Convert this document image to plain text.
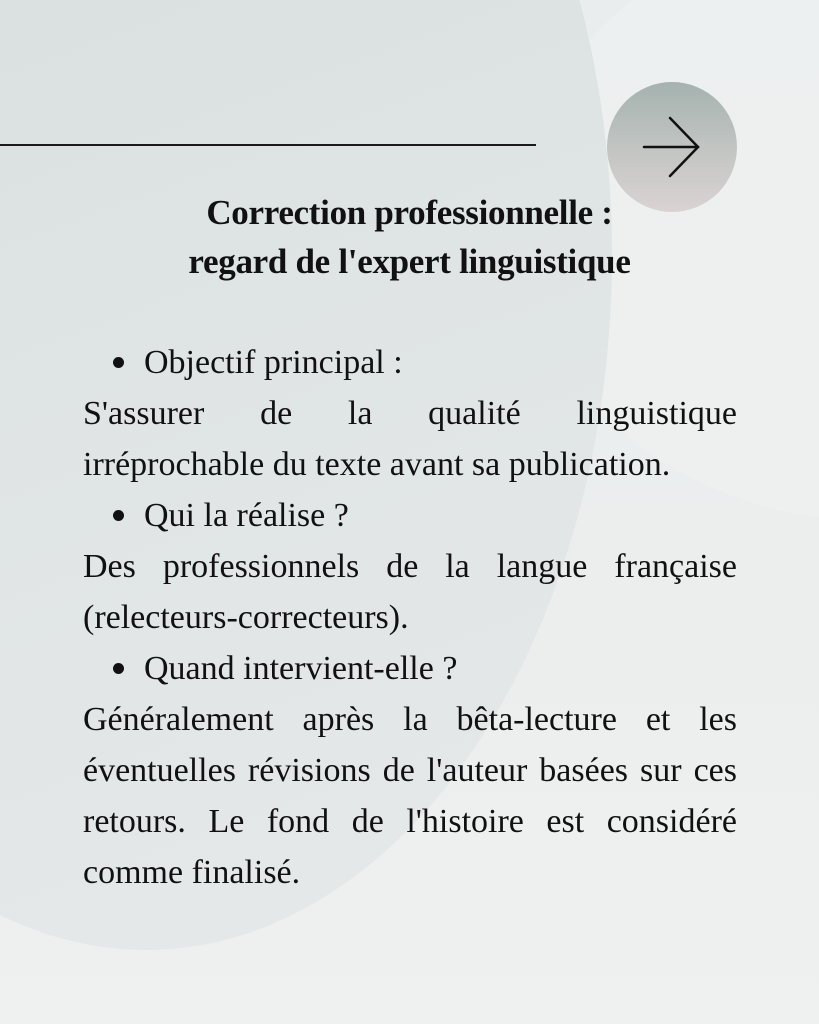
Correction professionnelle :
regard de l'expert linguistique
Objectif principal :

S'assurer de la qualité linguistique irréprochable du texte avant sa publication.

Qui la réalise ?

Des professionnels de la langue française (relecteurs-correcteurs).

Quand intervient-elle ?

Généralement après la bêta-lecture et les éventuelles révisions de l'auteur basées sur ces retours. Le fond de l'histoire est considéré comme finalisé.
